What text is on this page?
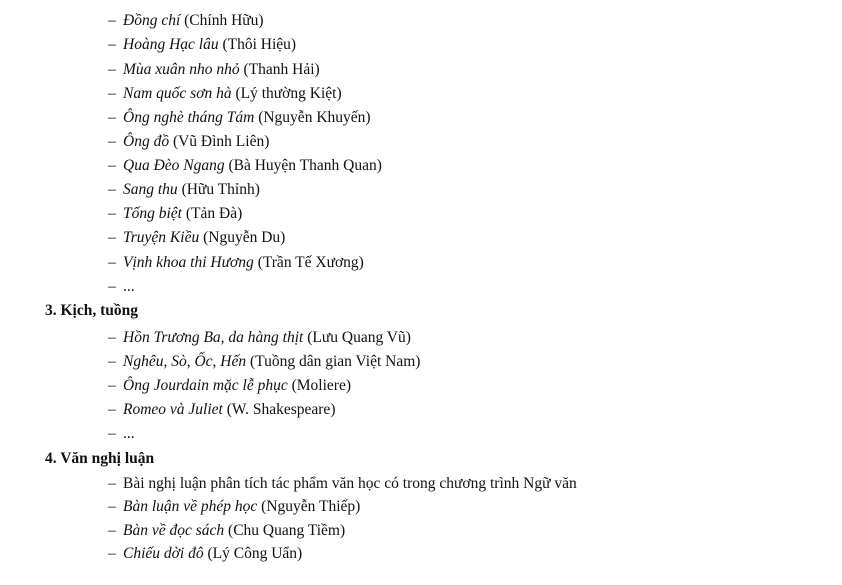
– Đồng chí (Chính Hữu)
– Hoàng Hạc lâu (Thôi Hiệu)
– Mùa xuân nho nhỏ (Thanh Hải)
– Nam quốc sơn hà (Lý thường Kiệt)
– Ông nghè tháng Tám (Nguyễn Khuyến)
– Ông đồ (Vũ Đình Liên)
– Qua Đèo Ngang (Bà Huyện Thanh Quan)
– Sang thu (Hữu Thỉnh)
– Tống biệt (Tản Đà)
– Truyện Kiều (Nguyễn Du)
– Vịnh khoa thi Hương (Trần Tế Xương)
– ...
3. Kịch, tuồng
– Hồn Trương Ba, da hàng thịt (Lưu Quang Vũ)
– Nghêu, Sò, Ốc, Hến (Tuồng dân gian Việt Nam)
– Ông Jourdain mặc lễ phục (Moliere)
– Romeo và Juliet (W. Shakespeare)
– ...
4. Văn nghị luận
– Bài nghị luận phân tích tác phẩm văn học có trong chương trình Ngữ văn
– Bàn luận về phép học (Nguyễn Thiếp)
– Bàn về đọc sách (Chu Quang Tiềm)
– Chiếu dời đô (Lý Công Uẩn)
